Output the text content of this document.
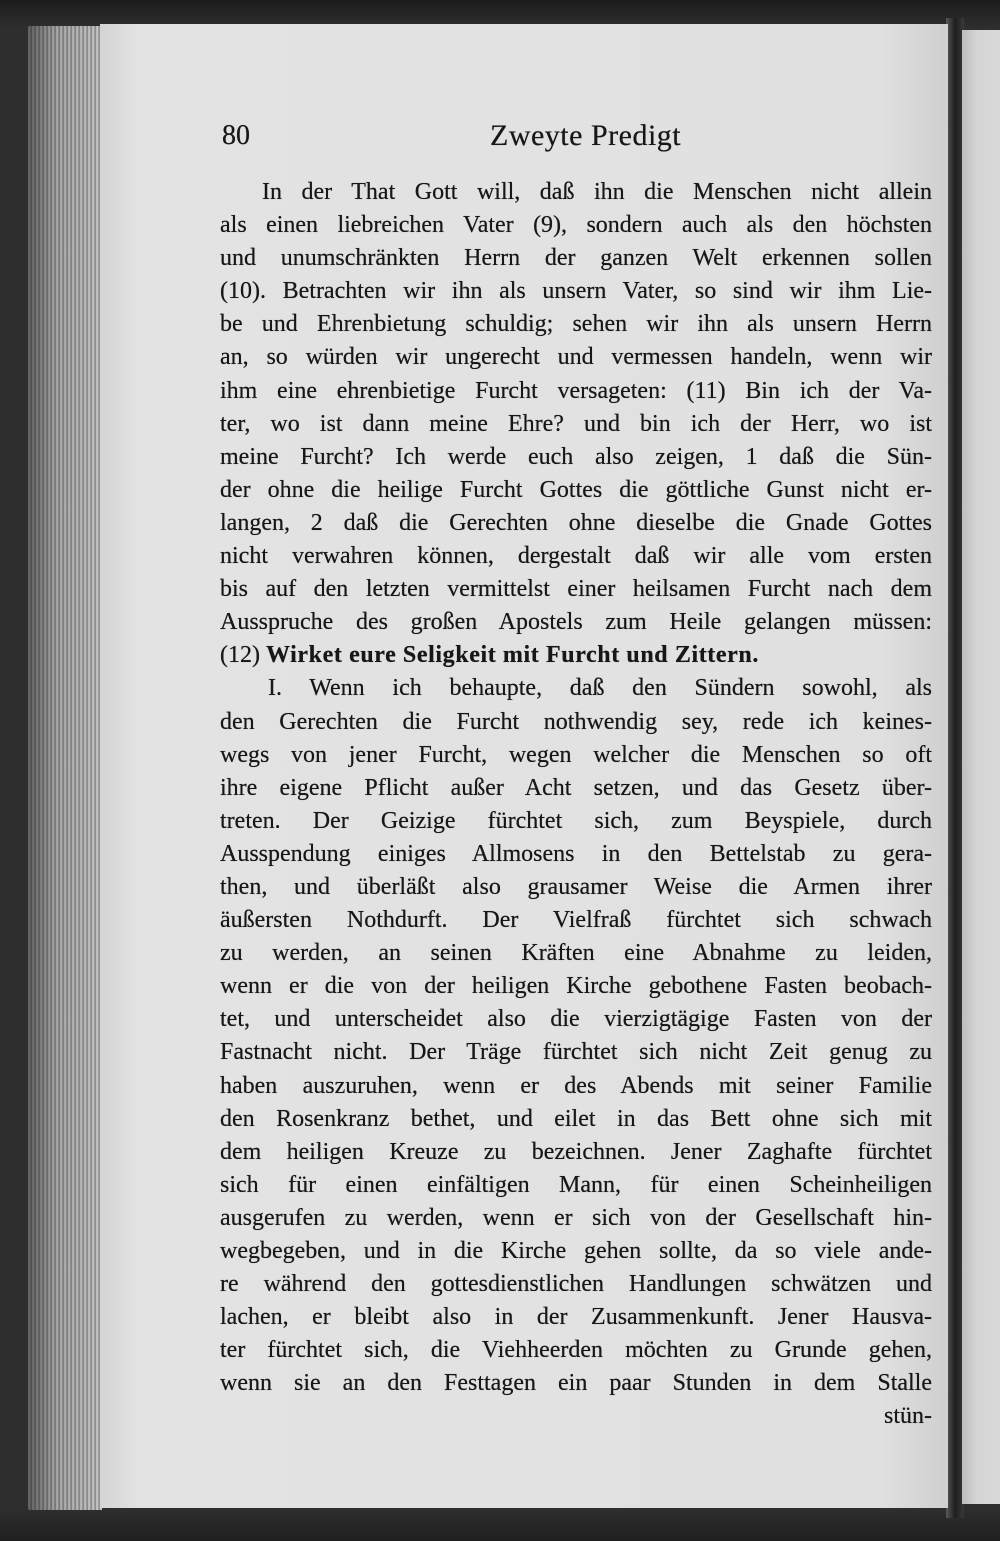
80	Zweyte Predigt
In der That Gott will, daß ihn die Menschen nicht allein
als einen liebreichen Vater (9), sondern auch als den höchsten
und unumschränkten Herrn der ganzen Welt erkennen sollen
(10). Betrachten wir ihn als unsern Vater, so sind wir ihm Lie-
be und Ehrenbietung schuldig; sehen wir ihn als unsern Herrn
an, so würden wir ungerecht und vermessen handeln, wenn wir
ihm eine ehrenbietige Furcht versageten: (11) Bin ich der Va-
ter, wo ist dann meine Ehre? und bin ich der Herr, wo ist
meine Furcht? Ich werde euch also zeigen, 1 daß die Sün-
der ohne die heilige Furcht Gottes die göttliche Gunst nicht er-
langen, 2 daß die Gerechten ohne dieselbe die Gnade Gottes
nicht verwahren können, dergestalt daß wir alle vom ersten
bis auf den letzten vermittelst einer heilsamen Furcht nach dem
Ausspruche des großen Apostels zum Heile gelangen müssen:
(12) Wirket eure Seligkeit mit Furcht und Zittern.
I. Wenn ich behaupte, daß den Sündern sowohl, als
den Gerechten die Furcht nothwendig sey, rede ich keines-
wegs von jener Furcht, wegen welcher die Menschen so oft
ihre eigene Pflicht außer Acht setzen, und das Gesetz über-
treten. Der Geizige fürchtet sich, zum Beyspiele, durch
Ausspendung einiges Allmosens in den Bettelstab zu gera-
then, und überläßt also grausamer Weise die Armen ihrer
äußersten Nothdurft. Der Vielfraß fürchtet sich schwach
zu werden, an seinen Kräften eine Abnahme zu leiden,
wenn er die von der heiligen Kirche gebothene Fasten beobach-
tet, und unterscheidet also die vierzigtägige Fasten von der
Fastnacht nicht. Der Träge fürchtet sich nicht Zeit genug zu
haben auszuruhen, wenn er des Abends mit seiner Familie
den Rosenkranz bethet, und eilet in das Bett ohne sich mit
dem heiligen Kreuze zu bezeichnen. Jener Zaghafte fürchtet
sich für einen einfältigen Mann, für einen Scheinheiligen
ausgerufen zu werden, wenn er sich von der Gesellschaft hin-
wegbegeben, und in die Kirche gehen sollte, da so viele ande-
re während den gottesdienstlichen Handlungen schwätzen und
lachen, er bleibt also in der Zusammenkunft. Jener Hausva-
ter fürchtet sich, die Viehheerden möchten zu Grunde gehen,
wenn sie an den Festtagen ein paar Stunden in dem Stalle
stün-
